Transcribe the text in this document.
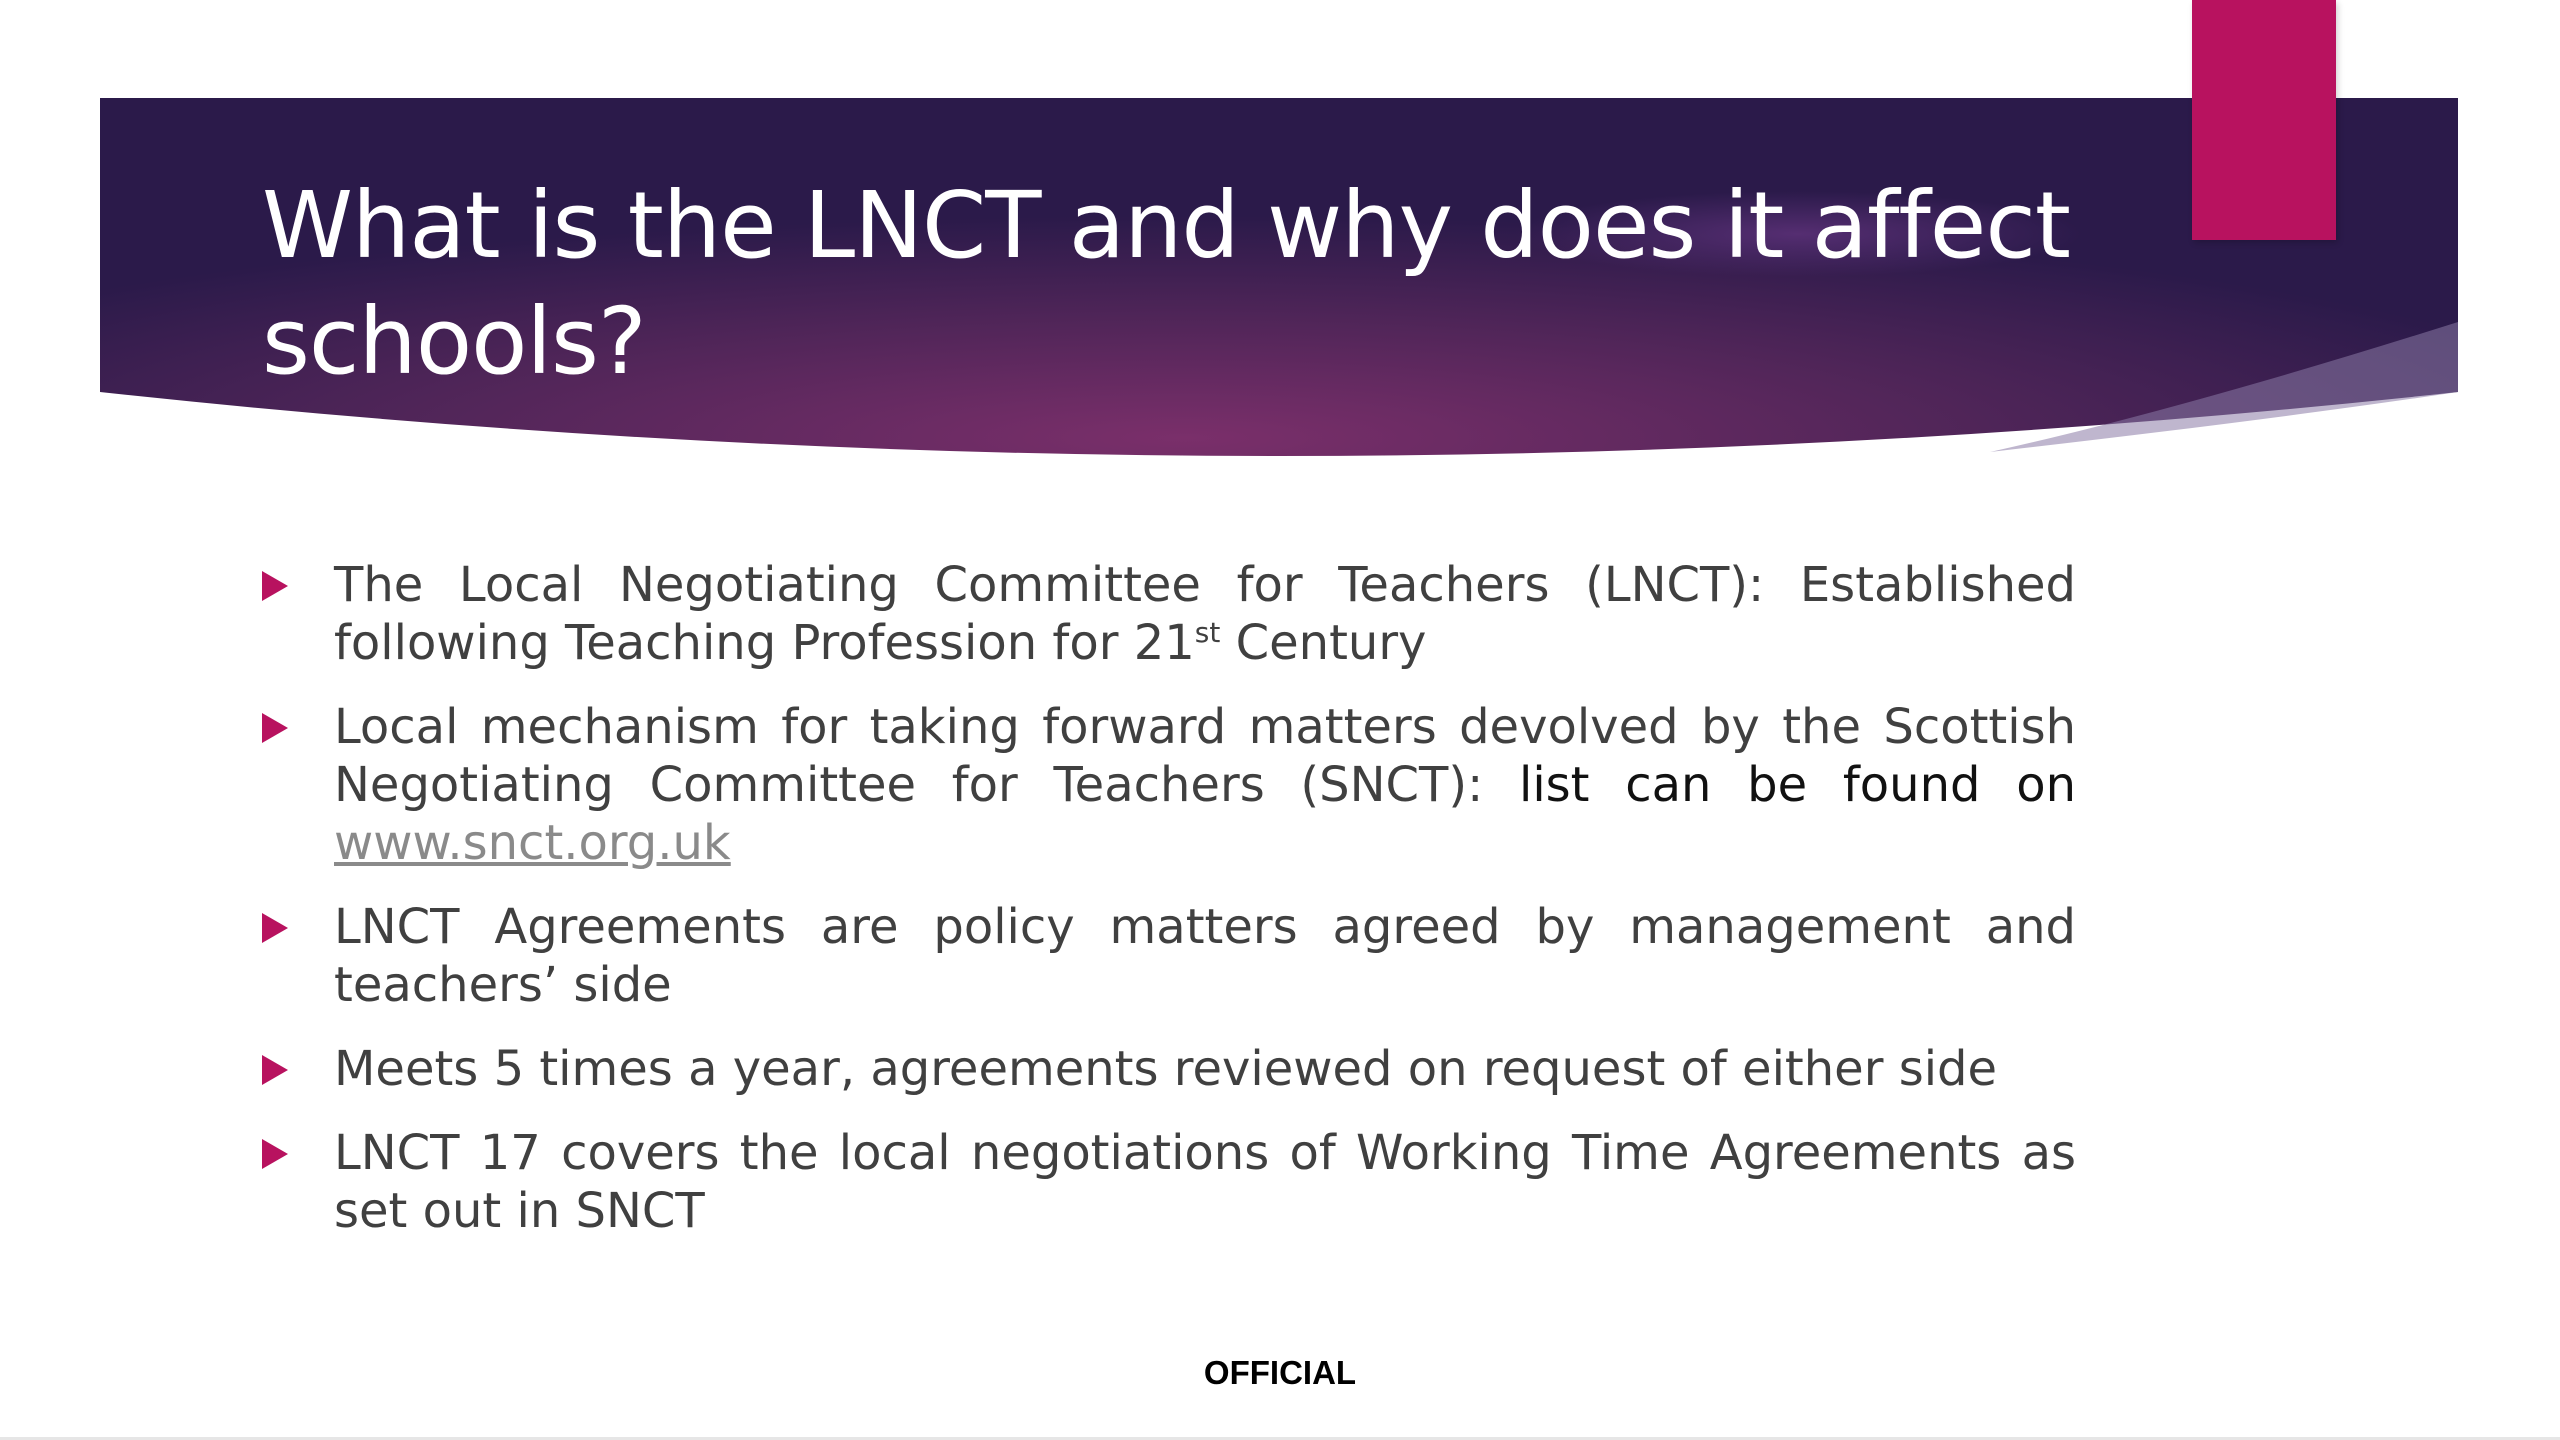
What is the LNCT and why does it affect schools?
The Local Negotiating Committee for Teachers (LNCT): Established following Teaching Profession for 21st Century
Local mechanism for taking forward matters devolved by the Scottish Negotiating Committee for Teachers (SNCT): list can be found on www.snct.org.uk
LNCT Agreements are policy matters agreed by management and teachers’ side
Meets 5 times a year, agreements reviewed on request of either side
LNCT 17 covers the local negotiations of Working Time Agreements as set out in SNCT
OFFICIAL
